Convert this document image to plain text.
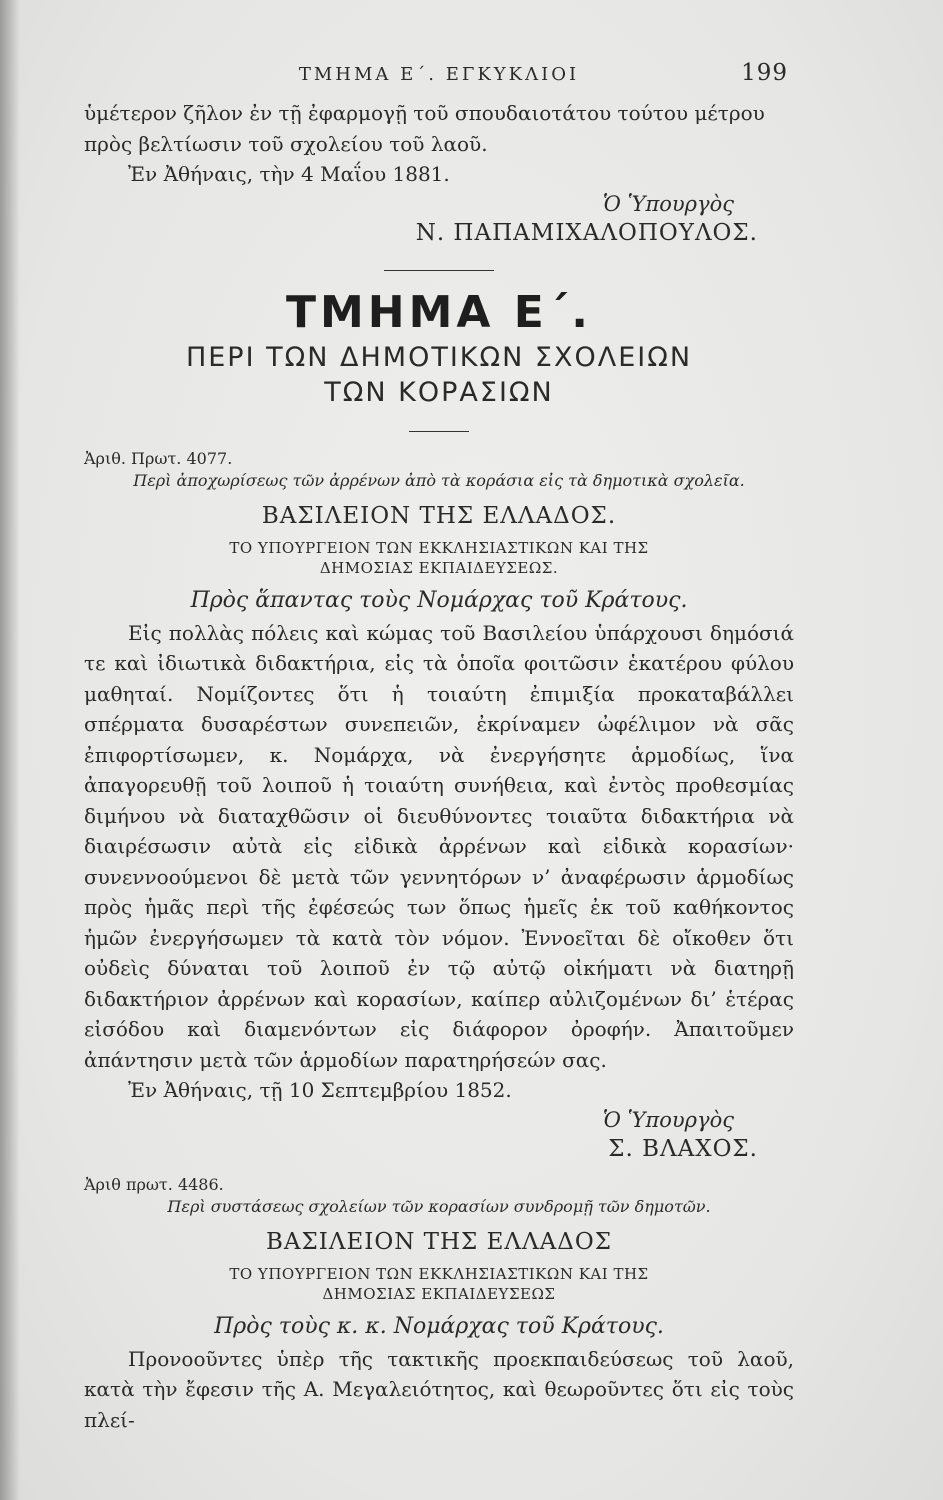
ΤΜΗΜΑ Ε΄. ΕΓΚΥΚΛΙΟΙ	199

ὑμέτερον ζῆλον ἐν τῇ ἐφαρμογῇ τοῦ σπουδαιοτάτου τούτου μέτρου

πρὸς βελτίωσιν τοῦ σχολείου τοῦ λαοῦ.

Ἐν Ἀθήναις, τὴν 4 Μαΐου 1881.

Ὁ Ὑπουργὸς
Ν. ΠΑΠΑΜΙΧΑΛΟΠΟΥΛΟΣ.
ΤΜΗΜΑ Ε΄.
ΠΕΡΙ ΤΩΝ ΔΗΜΟΤΙΚΩΝ ΣΧΟΛΕΙΩΝ
ΤΩΝ ΚΟΡΑΣΙΩΝ
Ἀριθ. Πρωτ. 4077.
Περὶ ἀποχωρίσεως τῶν ἀρρένων ἀπὸ τὰ κοράσια εἰς τὰ δημοτικὰ σχολεῖα.
ΒΑΣΙΛΕΙΟΝ ΤΗΣ ΕΛΛΑΔΟΣ.
ΤΟ ΥΠΟΥΡΓΕΙΟΝ ΤΩΝ ΕΚΚΛΗΣΙΑΣΤΙΚΩΝ ΚΑΙ ΤΗΣ
ΔΗΜΟΣΙΑΣ ΕΚΠΑΙΔΕΥΣΕΩΣ.
Πρὸς ἅπαντας τοὺς Νομάρχας τοῦ Κράτους.

Εἰς πολλὰς πόλεις καὶ κώμας τοῦ Βασιλείου ὑπάρχουσι δημόσιά τε καὶ ἰδιωτικὰ διδακτήρια, εἰς τὰ ὁποῖα φοιτῶσιν ἑκατέρου φύλου μαθηταί. Νομίζοντες ὅτι ἡ τοιαύτη ἐπιμιξία προκαταβάλλει σπέρματα δυσαρέστων συνεπειῶν, ἐκρίναμεν ὠφέλιμον νὰ σᾶς ἐπιφορτίσωμεν, κ. Νομάρχα, νὰ ἐνεργήσητε ἁρμοδίως, ἵνα ἀπαγορευθῇ τοῦ λοιποῦ ἡ τοιαύτη συνήθεια, καὶ ἐντὸς προθεσμίας διμήνου νὰ διαταχθῶσιν οἱ διευθύνοντες τοιαῦτα διδακτήρια νὰ διαιρέσωσιν αὐτὰ εἰς εἰδικὰ ἀρρένων καὶ εἰδικὰ κορασίων· συνεννοούμενοι δὲ μετὰ τῶν γεννητόρων ν’ ἀναφέρωσιν ἁρμοδίως πρὸς ἡμᾶς περὶ τῆς ἐφέσεώς των ὅπως ἡμεῖς ἐκ τοῦ καθήκοντος ἡμῶν ἐνεργήσωμεν τὰ κατὰ τὸν νόμον. Ἐννοεῖται δὲ οἴκοθεν ὅτι οὐδεὶς δύναται τοῦ λοιποῦ ἐν τῷ αὐτῷ οἰκήματι νὰ διατηρῇ διδακτήριον ἀρρένων καὶ κορασίων, καίπερ αὐλιζομένων δι’ ἑτέρας εἰσόδου καὶ διαμενόντων εἰς διάφορον ὀροφήν. Ἀπαιτοῦμεν ἀπάντησιν μετὰ τῶν ἁρμοδίων παρατηρήσεών σας.

Ἐν Ἀθήναις, τῇ 10 Σεπτεμβρίου 1852.

Ὁ Ὑπουργὸς
Σ. ΒΛΑΧΟΣ.
Ἀριθ πρωτ. 4486.
Περὶ συστάσεως σχολείων τῶν κορασίων συνδρομῇ τῶν δημοτῶν.
ΒΑΣΙΛΕΙΟΝ ΤΗΣ ΕΛΛΑΔΟΣ
ΤΟ ΥΠΟΥΡΓΕΙΟΝ ΤΩΝ ΕΚΚΛΗΣΙΑΣΤΙΚΩΝ ΚΑΙ ΤΗΣ
ΔΗΜΟΣΙΑΣ ΕΚΠΑΙΔΕΥΣΕΩΣ
Πρὸς τοὺς κ. κ. Νομάρχας τοῦ Κράτους.

Προνοοῦντες ὑπὲρ τῆς τακτικῆς προεκπαιδεύσεως τοῦ λαοῦ, κατὰ τὴν ἔφεσιν τῆς Α. Μεγαλειότητος, καὶ θεωροῦντες ὅτι εἰς τοὺς πλεί-
